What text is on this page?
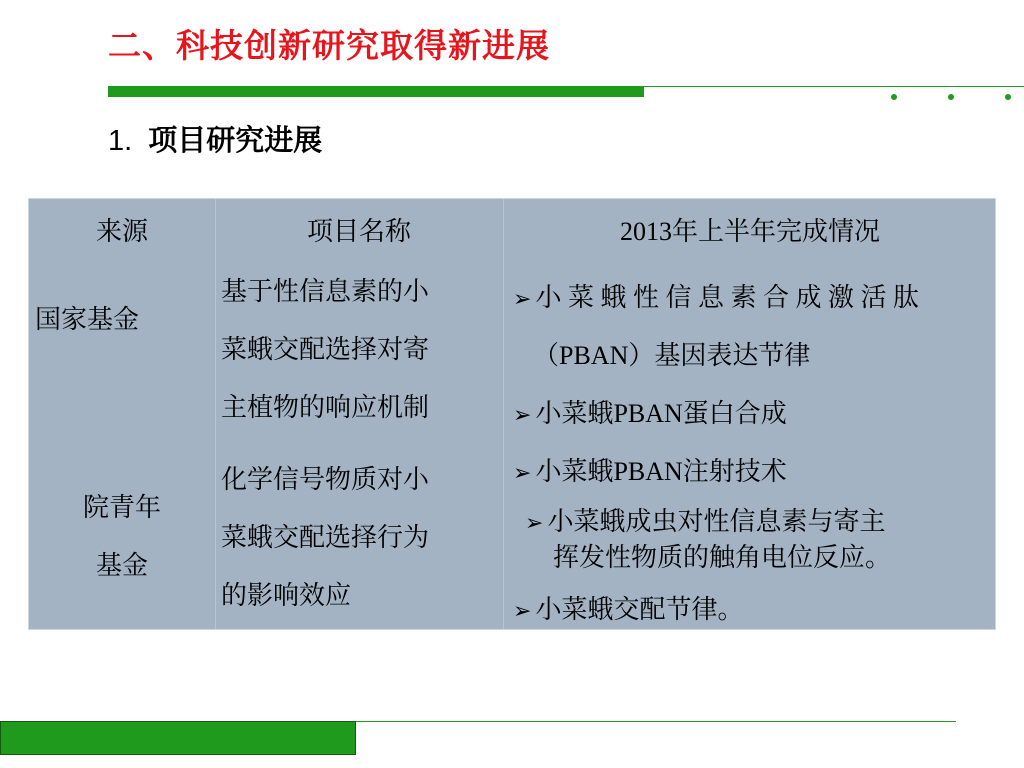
二、科技创新研究取得新进展
1. 项目研究进展
来源	项目名称	2013年上半年完成情况
国家基金
基于性信息素的小
菜蛾交配选择对寄
主植物的响应机制
➢ 小 菜 蛾 性 信 息 素 合 成 激 活 肽
（PBAN）基因表达节律
➢ 小菜蛾PBAN蛋白合成
院青年
基金
化学信号物质对小
菜蛾交配选择行为
的影响效应
➢ 小菜蛾PBAN注射技术
➢ 小菜蛾成虫对性信息素与寄主
挥发性物质的触角电位反应。
➢ 小菜蛾交配节律。
